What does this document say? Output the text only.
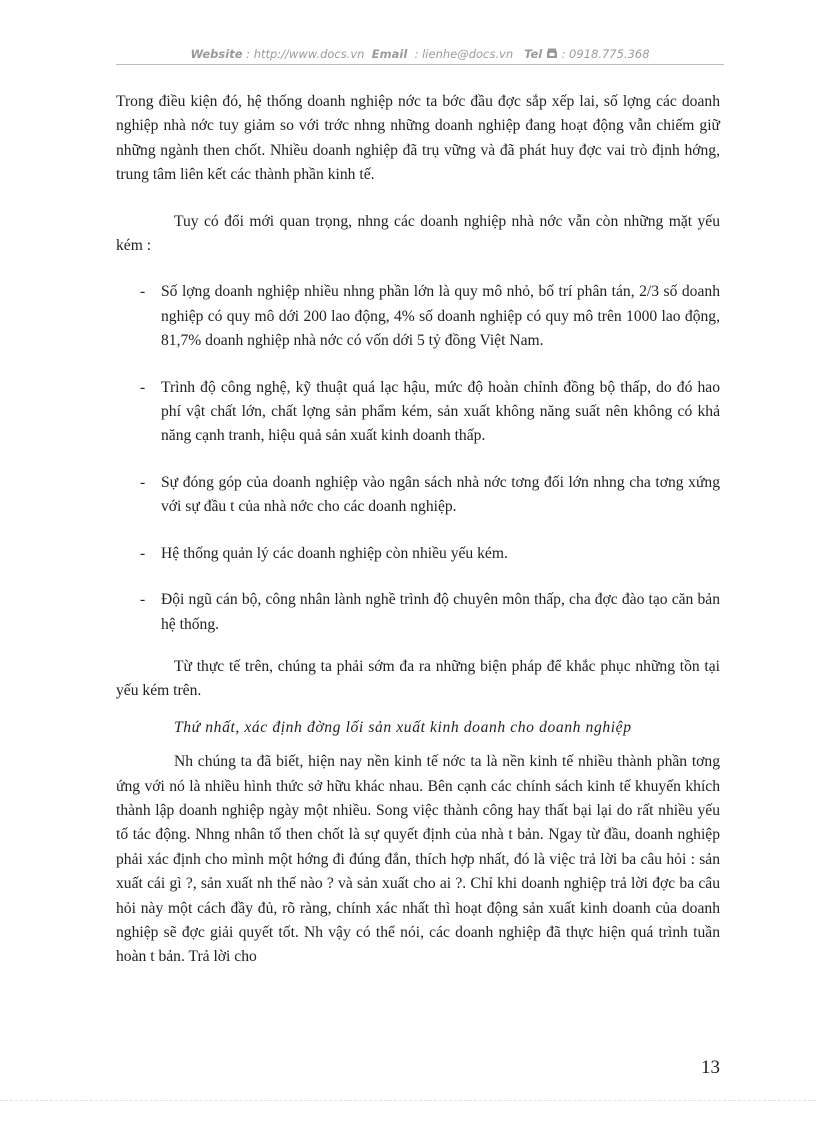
Website : http://www.docs.vn Email : lienhe@docs.vn Tel : 0918.775.368

Trong điều kiện đó, hệ thống doanh nghiệp nớc ta bớc đầu đợc sắp xếp lai, số lợng các doanh nghiệp nhà nớc tuy giảm so với trớc nhng những doanh nghiệp đang hoạt động vẫn chiếm giữ những ngành then chốt. Nhiều doanh nghiệp đã trụ vững và đã phát huy đợc vai trò định hớng, trung tâm liên kết các thành phần kinh tế.

Tuy có đổi mới quan trọng, nhng các doanh nghiệp nhà nớc vẫn còn những mặt yếu kém :

- Số lợng doanh nghiệp nhiều nhng phần lớn là quy mô nhỏ, bố trí phân tán, 2/3 số doanh nghiệp có quy mô dới 200 lao động, 4% số doanh nghiệp có quy mô trên 1000 lao động, 81,7% doanh nghiệp nhà nớc có vốn dới 5 tỷ đồng Việt Nam.
- Trình độ công nghệ, kỹ thuật quá lạc hậu, mức độ hoàn chỉnh đồng bộ thấp, do đó hao phí vật chất lớn, chất lợng sản phẩm kém, sản xuất không năng suất nên không có khả năng cạnh tranh, hiệu quả sản xuất kinh doanh thấp.
- Sự đóng góp của doanh nghiệp vào ngân sách nhà nớc tơng đối lớn nhng cha tơng xứng với sự đầu t của nhà nớc cho các doanh nghiệp.
- Hệ thống quản lý các doanh nghiệp còn nhiều yếu kém.
- Đội ngũ cán bộ, công nhân lành nghề trình độ chuyên môn thấp, cha đợc đào tạo căn bản hệ thống.

Từ thực tế trên, chúng ta phải sớm đa ra những biện pháp để khắc phục những tồn tại yếu kém trên.

Thứ nhất, xác định đờng lối sản xuất kinh doanh cho doanh nghiệp

Nh chúng ta đã biết, hiện nay nền kinh tế nớc ta là nền kinh tế nhiều thành phần tơng ứng với nó là nhiều hình thức sở hữu khác nhau. Bên cạnh các chính sách kinh tế khuyến khích thành lập doanh nghiệp ngày một nhiều. Song việc thành công hay thất bại lại do rất nhiều yếu tố tác động. Nhng nhân tố then chốt là sự quyết định của nhà t bản. Ngay từ đầu, doanh nghiệp phải xác định cho mình một hớng đi đúng đắn, thích hợp nhất, đó là việc trả lời ba câu hỏi : sản xuất cái gì ?, sản xuất nh thế nào ? và sản xuất cho ai ?. Chỉ khi doanh nghiệp trả lời đợc ba câu hỏi này một cách đầy đủ, rõ ràng, chính xác nhất thì hoạt động sản xuất kinh doanh của doanh nghiệp sẽ đợc giải quyết tốt. Nh vậy có thể nói, các doanh nghiệp đã thực hiện quá trình tuần hoàn t bản. Trả lời cho

13
